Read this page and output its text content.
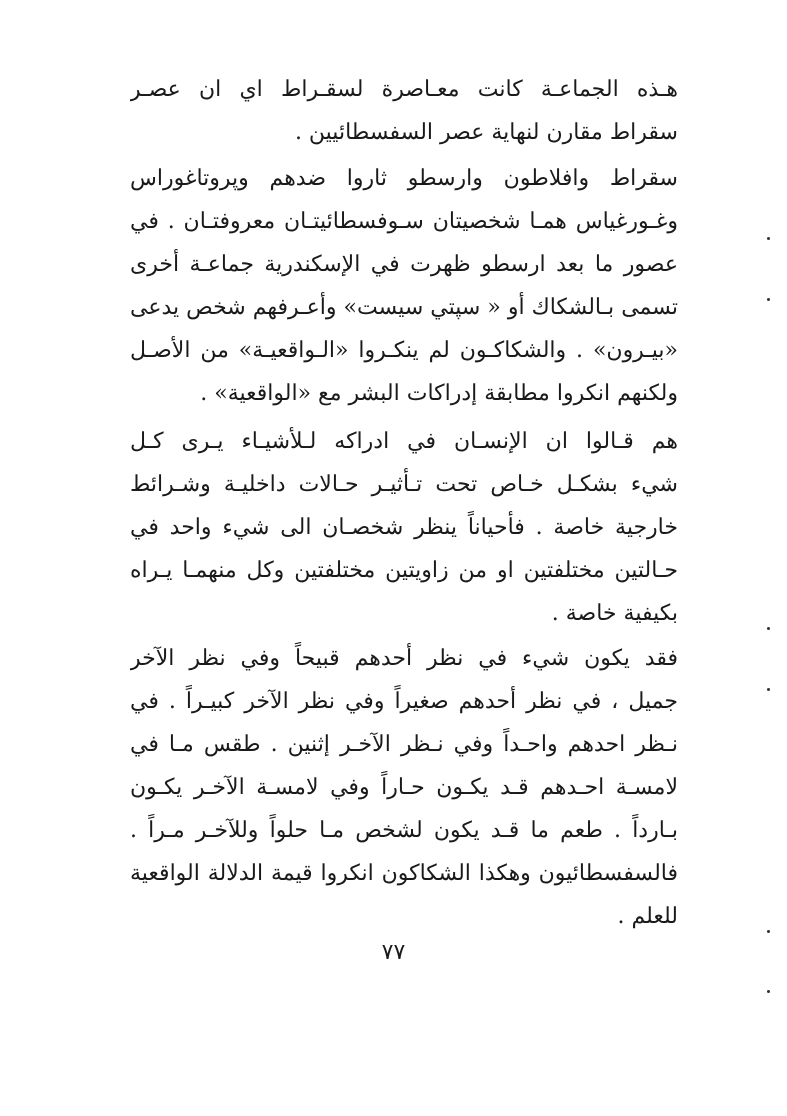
هـذه الجماعـة كانت معـاصرة لسقـراط اي ان عصـر
سقراط مقارن لنهاية عصر السفسطائيين .
سقراط وافلاطون وارسطو ثاروا ضدهم وپروتاغوراس
وغـورغياس همـا شخصيتان سـوفسطائيتـان معروفتـان . في
عصور ما بعد ارسطو ظهرت في الإسكندرية جماعـة أخرى
تسمى بـالشكاك أو « سپتي سيست» وأعـرفهم شخص يدعى
«بيـرون» . والشكاكـون لم ينكـروا «الـواقعيـة» من الأصـل
ولكنهم انكروا مطابقة إدراكات البشر مع «الواقعية» .
هم قـالوا ان الإنسـان في ادراكه لـلأشيـاء يـرى كـل
شيء بشكـل خـاص تحت تـأثيـر حـالات داخليـة وشـرائط
خارجية خاصة . فأحياناً ينظر شخصـان الى شيء واحد في
حـالتين مختلفتين او من زاويتين مختلفتين وكل منهمـا يـراه
بكيفية خاصة .
فقد يكون شيء في نظر أحدهم قبيحاً وفي نظر الآخر
جميل ، في نظر أحدهم صغيراً وفي نظر الآخر كبيـراً . في
نـظر احدهم واحـداً وفي نـظر الآخـر إثنين . طقس مـا في
لامسـة احـدهم قـد يكـون حـاراً وفي لامسـة الآخـر يكـون
بـارداً . طعم ما قـد يكون لشخص مـا حلواً وللآخـر مـراً .
فالسفسطائيون وهكذا الشكاكون انكروا قيمة الدلالة الواقعية
للعلم .
٧٧
